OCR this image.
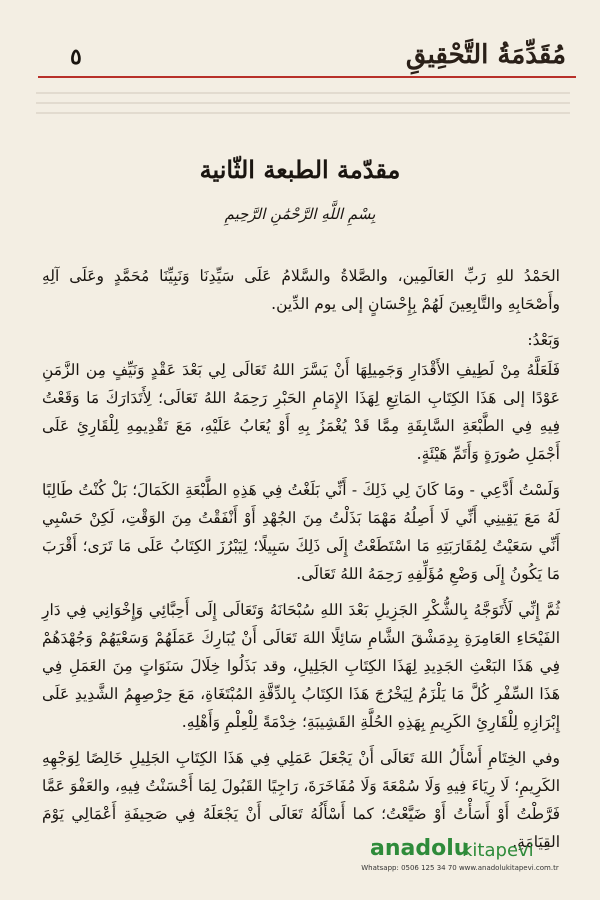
٥	مُقَدِّمَةُ التَّحْقِيقِ
مقدّمة الطبعة الثّانية
بِسْمِ اللَّهِ الرَّحْمَٰنِ الرَّحِيمِ

الحَمْدُ للهِ رَبِّ العَالَمِين، والصَّلاةُ والسَّلامُ عَلَى سَيِّدِنَا وَنَبِيِّنَا مُحَمَّدٍ وعَلَى آلِهِ وأَصْحَابِهِ والتَّابِعِينَ لَهُمْ بِإِحْسَانٍ إلى يوم الدِّين.

وَبَعْدُ:

فَلَعَلَّهُ مِنْ لَطِيفِ الأَقْدَارِ وَجَمِيلِهَا أَنْ يَسَّرَ اللهُ تَعَالَى لِي بَعْدَ عَقْدٍ وَنَيِّفٍ مِن الزَّمَنِ عَوْدًا إلى هَذَا الكِتَابِ المَاتِعِ لِهَذَا الإِمَامِ الحَبْرِ رَحِمَهُ اللهُ تَعَالَى؛ لِأَتَدَارَكَ مَا وَقَعْتُ فِيهِ فِي الطَّبْعَةِ السَّابِقَةِ مِمَّا قَدْ يُغْمَزُ بِهِ أَوْ يُعَابُ عَلَيْهِ، مَعَ تَقْدِيمِهِ لِلْقَارِئِ عَلَى أَجْمَلِ صُورَةٍ وَأَتَمِّ هَيْئَةٍ.

وَلَسْتُ أَدَّعِي - ومَا كَانَ لِي ذَلِكَ - أَنِّي بَلَغْتُ فِي هَذِهِ الطَّبْعَةِ الكَمَالَ؛ بَلْ كُنْتُ طَالِبًا لَهُ مَعَ يَقِينِي أَنِّي لَا أَصِلُهُ مَهْمَا بَذَلْتُ مِنَ الجُهْدِ أَوْ أَنْفَقْتُ مِنَ الوَقْتِ، لَكِنْ حَسْبِي أَنِّي سَعَيْتُ لِمُقَارَبَتِهِ مَا اسْتَطَعْتُ إِلَى ذَلِكَ سَبِيلًا؛ لِيَبْرُزَ الكِتَابُ عَلَى مَا تَرَى؛ أَقْرَبَ مَا يَكُونُ إِلَى وَضْعِ مُؤَلِّفِهِ رَحِمَهُ اللهُ تَعَالَى.

ثُمَّ إِنِّي لَأَتَوَجَّهُ بِالشُّكْرِ الجَزِيلِ بَعْدَ اللهِ سُبْحَانَهُ وَتَعَالَى إِلَى أَحِبَّائِي وَإِخْوَانِي فِي دَارِ الفَيْحَاءِ العَامِرَةِ بِدِمَشْقَ الشَّامِ سَائِلًا اللهَ تَعَالَى أَنْ يُبَارِكَ عَمَلَهُمْ وَسَعْيَهُمْ وَجُهْدَهُمْ فِي هَذَا البَعْثِ الجَدِيدِ لِهَذَا الكِتَابِ الجَلِيلِ، وقد بَذَلُوا خِلَالَ سَنَوَاتٍ مِنَ العَمَلِ فِي هَذَا السِّفْرِ كُلَّ مَا يَلْزَمُ لِيَخْرُجَ هَذَا الكِتَابُ بِالدِّقَّةِ المُبْتَغَاةِ، مَعَ حِرْصِهِمُ الشَّدِيدِ عَلَى إِبْرَازِهِ لِلْقَارِئِ الكَرِيمِ بِهَذِهِ الحُلَّةِ القَشِيبَةِ؛ خِدْمَةً لِلْعِلْمِ وَأَهْلِهِ.

وفي الخِتَامِ أَسْأَلُ اللهَ تَعَالَى أَنْ يَجْعَلَ عَمَلِي فِي هَذَا الكِتَابِ الجَلِيلِ خَالِصًا لِوَجْهِهِ الكَرِيمِ؛ لَا رِيَاءَ فِيهِ وَلَا سُمْعَةَ وَلَا مُفَاخَرَةَ، رَاجِيًا القَبُولَ لِمَا أَحْسَنْتُ فِيهِ، والعَفْوَ عَمَّا فَرَّطْتُ أَوْ أَسَأْتُ أَوْ ضَيَّعْتُ؛ كما أَسْأَلُهُ تَعَالَى أَنْ يَجْعَلَهُ فِي صَحِيفَةِ أَعْمَالِي يَوْمَ القِيَامَةِ.

anadolu
kitapevi
Whatsapp: 0506 125 34 70 www.anadolukitapevi.com.tr
